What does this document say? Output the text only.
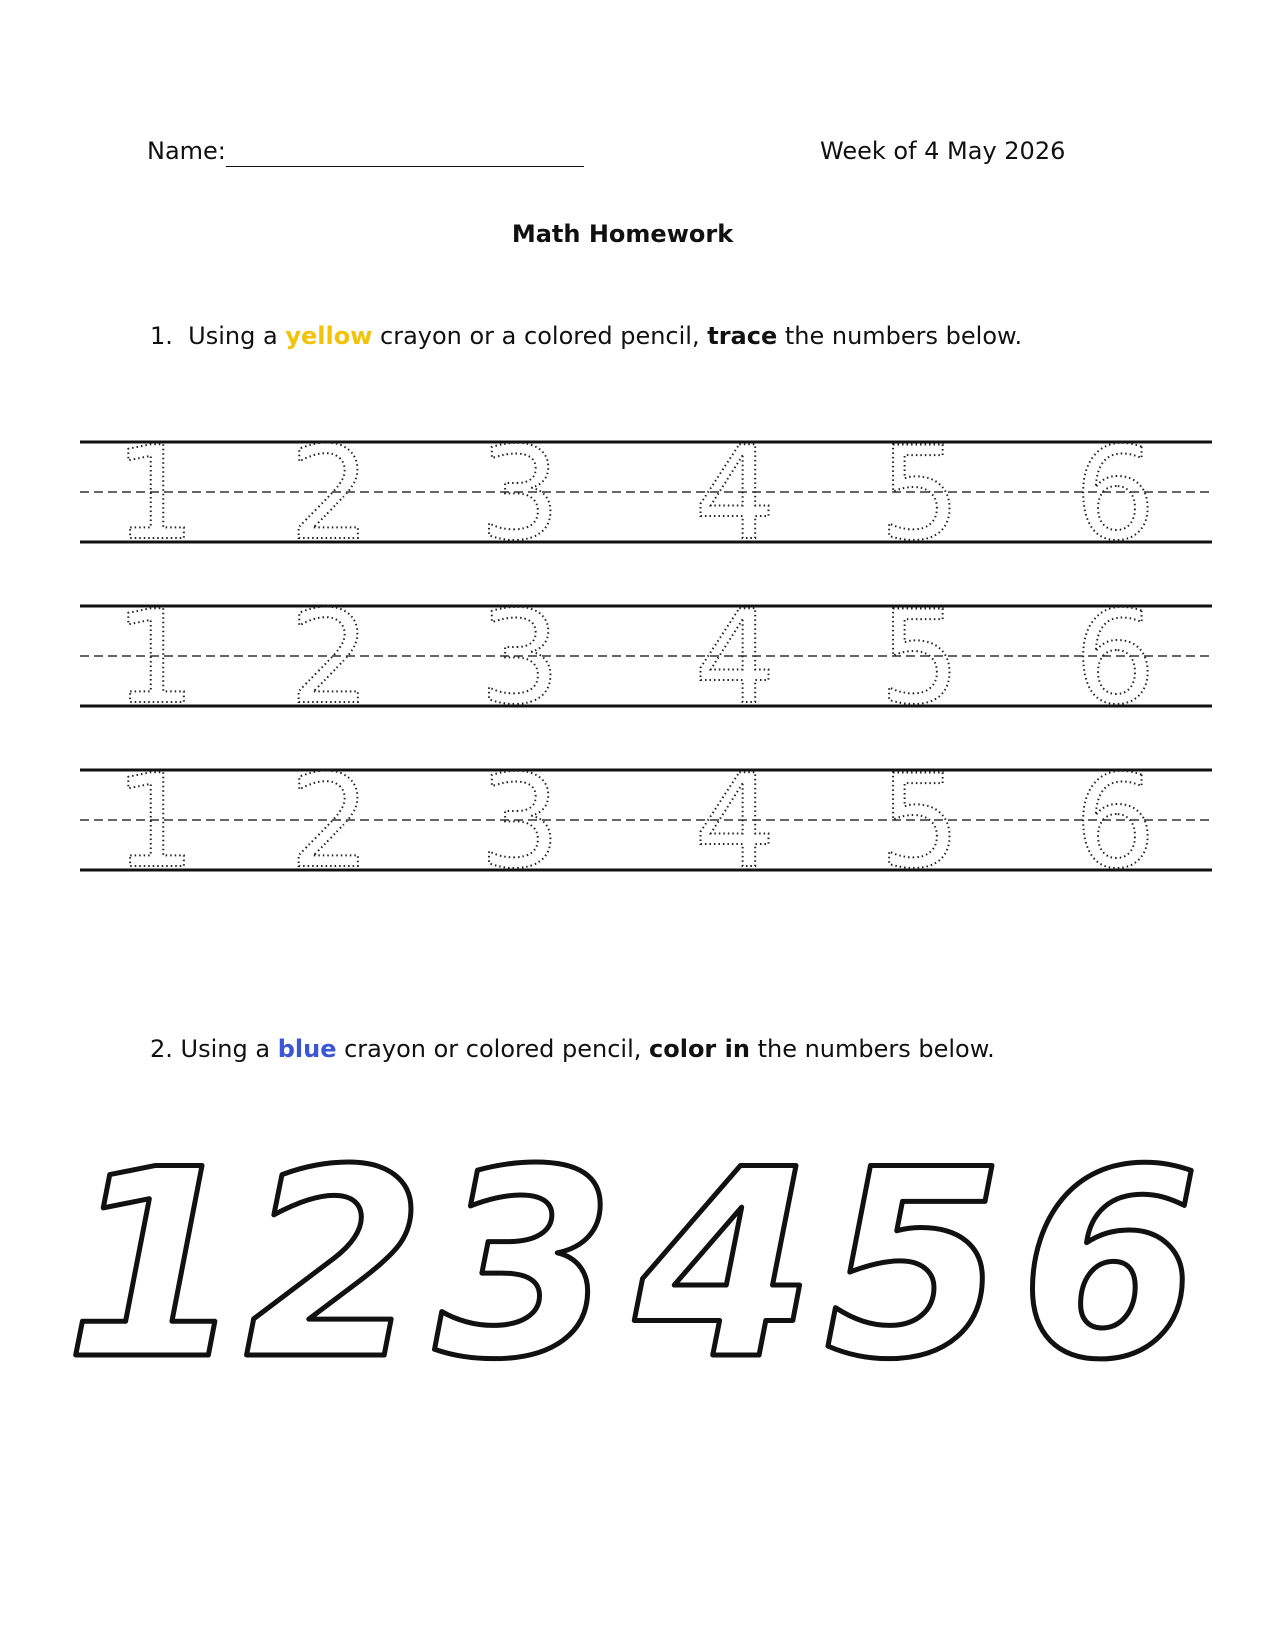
Name:	Week of 4 May 2026
Math Homework
1. Using a yellow crayon or a colored pencil, trace the numbers below.
1 2 3 4 5 6
1 2 3 4 5 6
1 2 3 4 5 6
2. Using a blue crayon or colored pencil, color in the numbers below.
1 2 3 4 5 6
